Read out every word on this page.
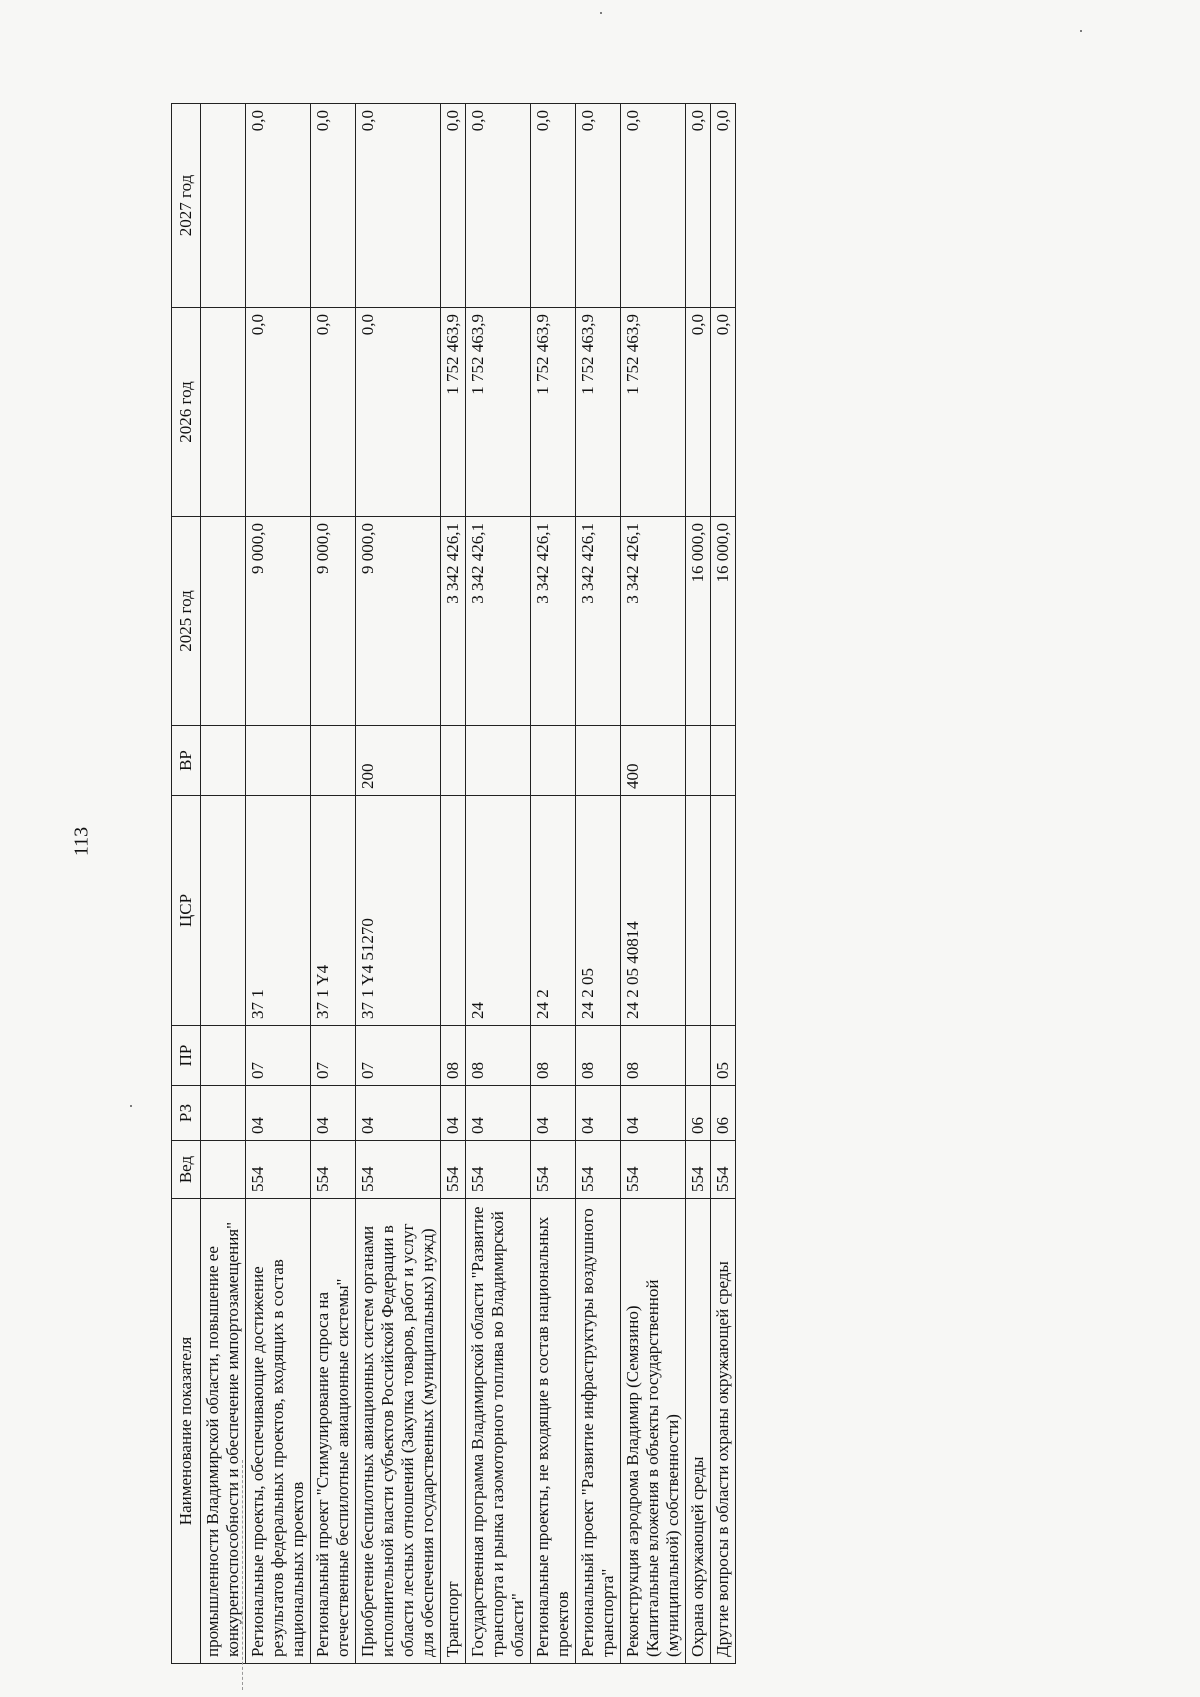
113
Наименование показателя	Вед	РЗ	ПР	ЦСР	ВР	2025 год	2026 год	2027 год
промышленности Владимирской области, повышение ее конкурентоспособности и обеспечение импортозамещения"								
Региональные проекты, обеспечивающие достижение результатов федеральных проектов, входящих в состав национальных проектов	554	04	07	37 1		9 000,0	0,0	0,0
Региональный проект "Стимулирование спроса на отечественные беспилотные авиационные системы"	554	04	07	37 1 Y4		9 000,0	0,0	0,0
Приобретение беспилотных авиационных систем органами исполнительной власти субъектов Российской Федерации в области лесных отношений (Закупка товаров, работ и услуг для обеспечения государственных (муниципальных) нужд)	554	04	07	37 1 Y4 51270	200	9 000,0	0,0	0,0
Транспорт	554	04	08			3 342 426,1	1 752 463,9	0,0
Государственная программа Владимирской области "Развитие транспорта и рынка газомоторного топлива во Владимирской области"	554	04	08	24		3 342 426,1	1 752 463,9	0,0
Региональные проекты, не входящие в состав национальных проектов	554	04	08	24 2		3 342 426,1	1 752 463,9	0,0
Региональный проект "Развитие инфраструктуры воздушного транспорта"	554	04	08	24 2 05		3 342 426,1	1 752 463,9	0,0
Реконструкция аэродрома Владимир (Семязино) (Капитальные вложения в объекты государственной (муниципальной) собственности)	554	04	08	24 2 05 40814	400	3 342 426,1	1 752 463,9	0,0
Охрана окружающей среды	554	06				16 000,0	0,0	0,0
Другие вопросы в области охраны окружающей среды	554	06	05			16 000,0	0,0	0,0
